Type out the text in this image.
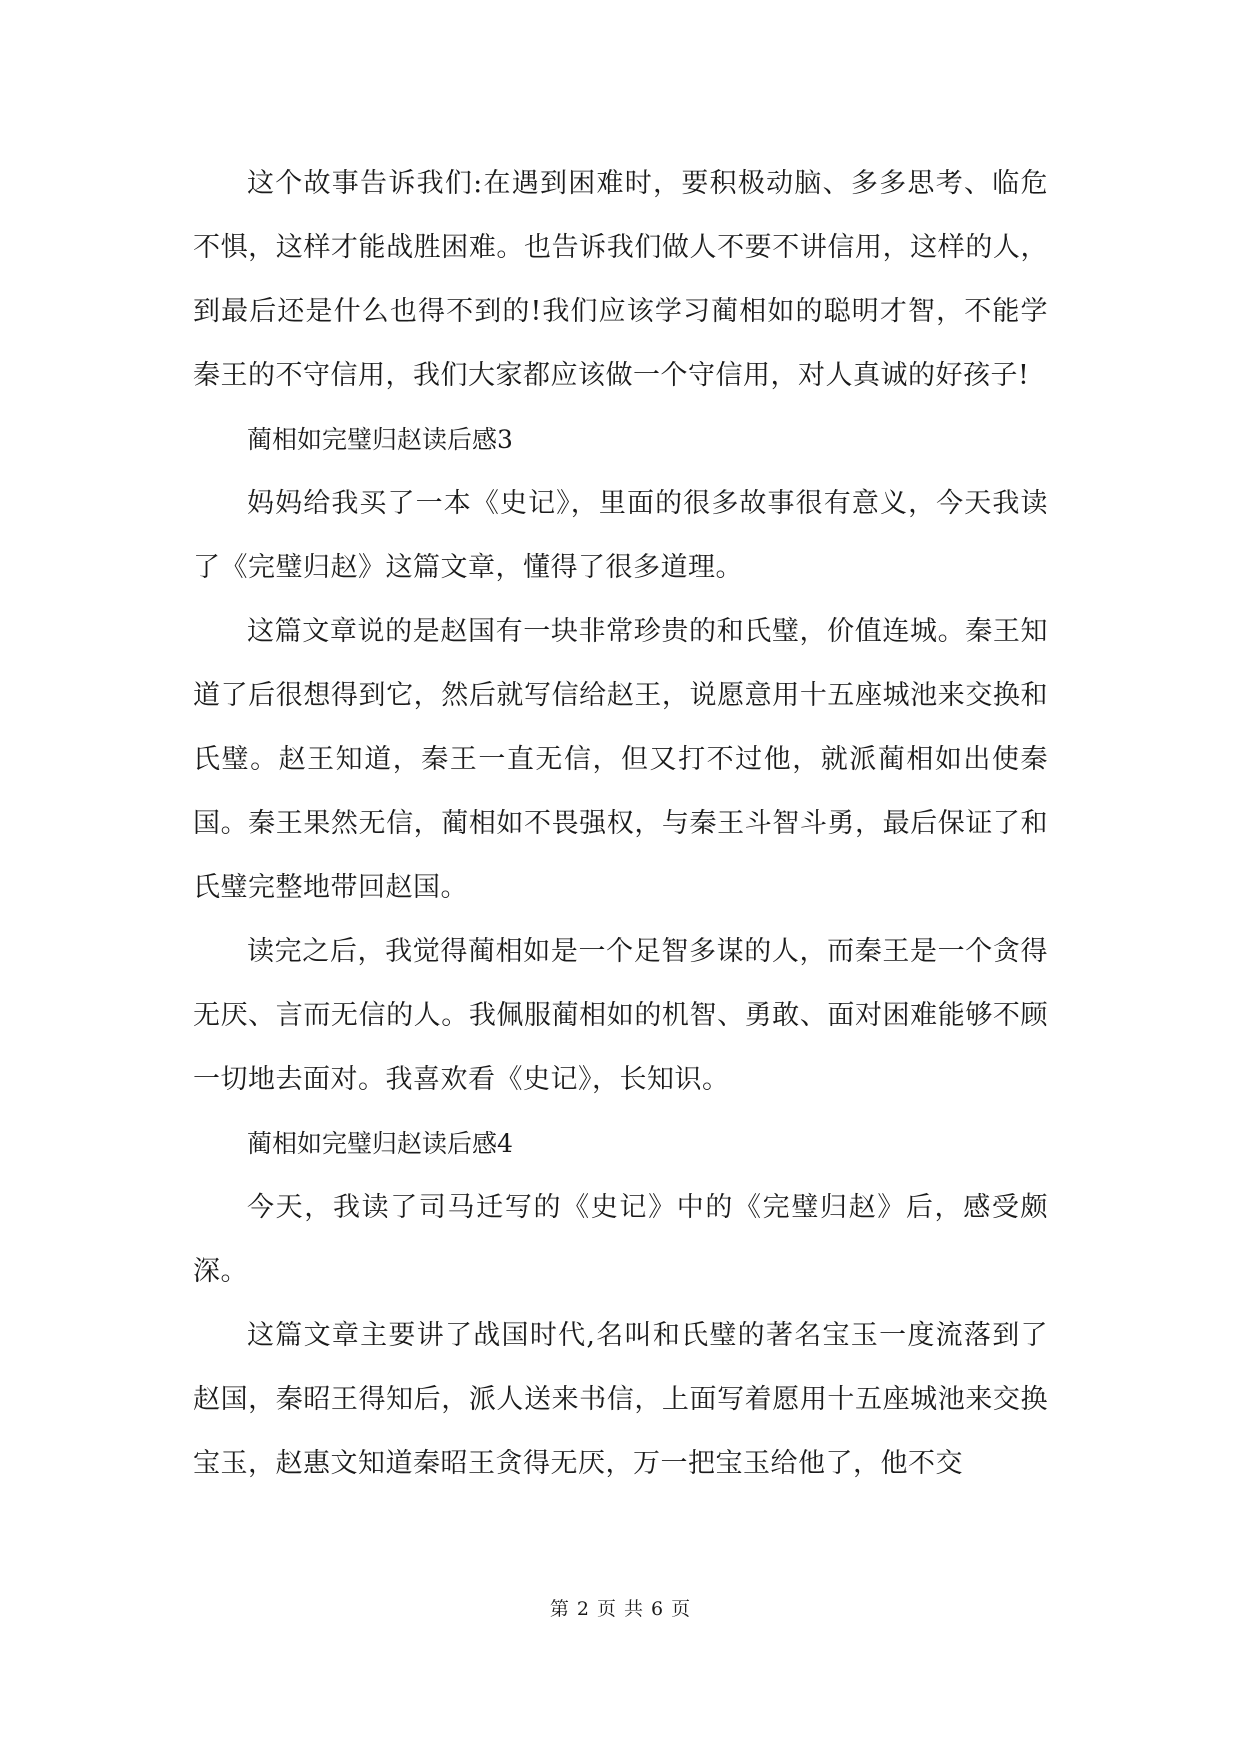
这个故事告诉我们:在遇到困难时，要积极动脑、多多思考、临危不惧，这样才能战胜困难。也告诉我们做人不要不讲信用，这样的人，到最后还是什么也得不到的!我们应该学习蔺相如的聪明才智，不能学秦王的不守信用，我们大家都应该做一个守信用，对人真诚的好孩子!

蔺相如完璧归赵读后感3

妈妈给我买了一本《史记》，里面的很多故事很有意义，今天我读了《完璧归赵》这篇文章，懂得了很多道理。

这篇文章说的是赵国有一块非常珍贵的和氏璧，价值连城。秦王知道了后很想得到它，然后就写信给赵王，说愿意用十五座城池来交换和氏璧。赵王知道，秦王一直无信，但又打不过他，就派蔺相如出使秦国。秦王果然无信，蔺相如不畏强权，与秦王斗智斗勇，最后保证了和氏璧完整地带回赵国。

读完之后，我觉得蔺相如是一个足智多谋的人，而秦王是一个贪得无厌、言而无信的人。我佩服蔺相如的机智、勇敢、面对困难能够不顾一切地去面对。我喜欢看《史记》，长知识。

蔺相如完璧归赵读后感4

今天，我读了司马迁写的《史记》中的《完璧归赵》后，感受颇深。

这篇文章主要讲了战国时代,名叫和氏璧的著名宝玉一度流落到了赵国，秦昭王得知后，派人送来书信，上面写着愿用十五座城池来交换宝玉，赵惠文知道秦昭王贪得无厌，万一把宝玉给他了，他不交

第 2 页 共 6 页
